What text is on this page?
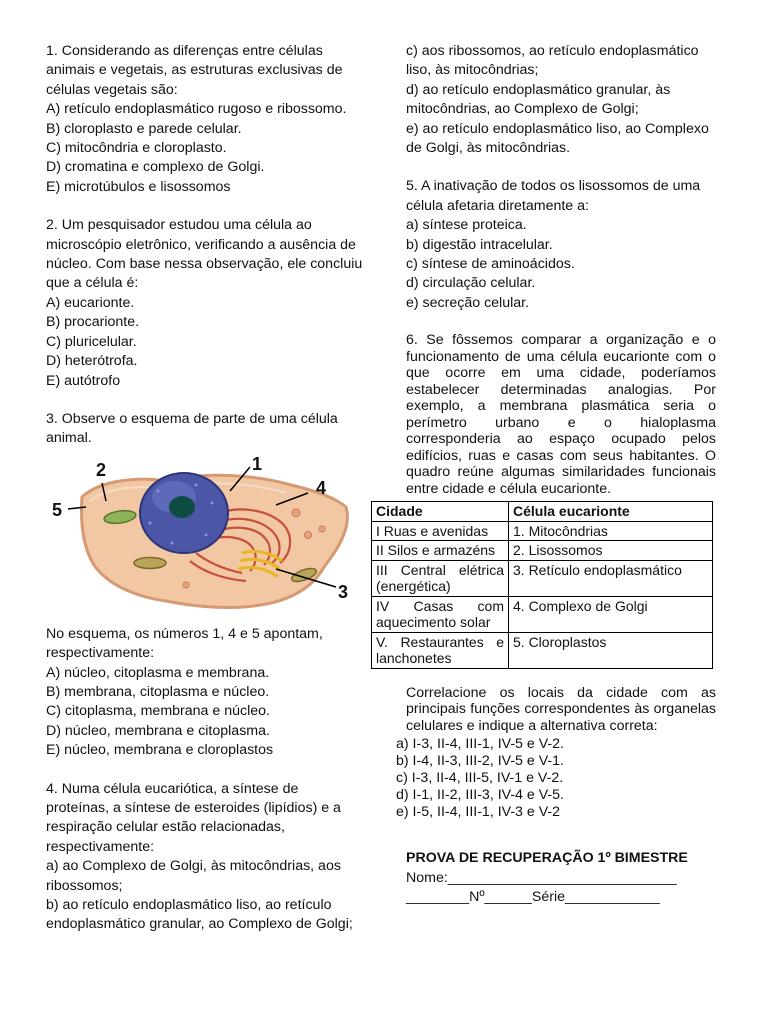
1. Considerando as diferenças entre células animais e vegetais, as estruturas exclusivas de células vegetais são:

A) retículo endoplasmático rugoso e ribossomo.
B) cloroplasto e parede celular.
C) mitocôndria e cloroplasto.
D) cromatina e complexo de Golgi.
E) microtúbulos e lisossomos

2. Um pesquisador estudou uma célula ao microscópio eletrônico, verificando a ausência de núcleo. Com base nessa observação, ele concluiu que a célula é:

A) eucarionte.
B) procarionte.
C) pluricelular.
D) heterótrofa.
E) autótrofo

3. Observe o esquema de parte de uma célula animal.

1
2
3
4
5

No esquema, os números 1, 4 e 5 apontam, respectivamente:

A) núcleo, citoplasma e membrana.
B) membrana, citoplasma e núcleo.
C) citoplasma, membrana e núcleo.
D) núcleo, membrana e citoplasma.
E) núcleo, membrana e cloroplastos

4. Numa célula eucariótica, a síntese de proteínas, a síntese de esteroides (lipídios) e a respiração celular estão relacionadas, respectivamente:

a) ao Complexo de Golgi, às mitocôndrias, aos ribossomos;
b) ao retículo endoplasmático liso, ao retículo endoplasmático granular, ao Complexo de Golgi;
c) aos ribossomos, ao retículo endoplasmático liso, às mitocôndrias;
d) ao retículo endoplasmático granular, às mitocôndrias, ao Complexo de Golgi;
e) ao retículo endoplasmático liso, ao Complexo de Golgi, às mitocôndrias.

5. A inativação de todos os lisossomos de uma célula afetaria diretamente a:

a) síntese proteica.
b) digestão intracelular.
c) síntese de aminoácidos.
d) circulação celular.
e) secreção celular.

6. Se fôssemos comparar a organização e o funcionamento de uma célula eucarionte com o que ocorre em uma cidade, poderíamos estabelecer determinadas analogias. Por exemplo, a membrana plasmática seria o perímetro urbano e o hialoplasma corresponderia ao espaço ocupado pelos edifícios, ruas e casas com seus habitantes. O quadro reúne algumas similaridades funcionais entre cidade e célula eucarionte.

Cidade	Célula eucarionte
I Ruas e avenidas	1. Mitocôndrias
II Silos e armazéns	2. Lisossomos
III Central elétrica (energética)	3. Retículo endoplasmático
IV Casas com aquecimento solar	4. Complexo de Golgi
V. Restaurantes e lanchonetes	5. Cloroplastos

Correlacione os locais da cidade com as principais funções correspondentes às organelas celulares e indique a alternativa correta:

a) I-3, II-4, III-1, IV-5 e V-2.
b) I-4, II-3, III-2, IV-5 e V-1.
c) I-3, II-4, III-5, IV-1 e V-2.
d) I-1, II-2, III-3, IV-4 e V-5.
e) I-5, II-4, III-1, IV-3 e V-2

PROVA DE RECUPERAÇÃO 1º BIMESTRE

Nome:_____________________________
________Nº______Série____________
